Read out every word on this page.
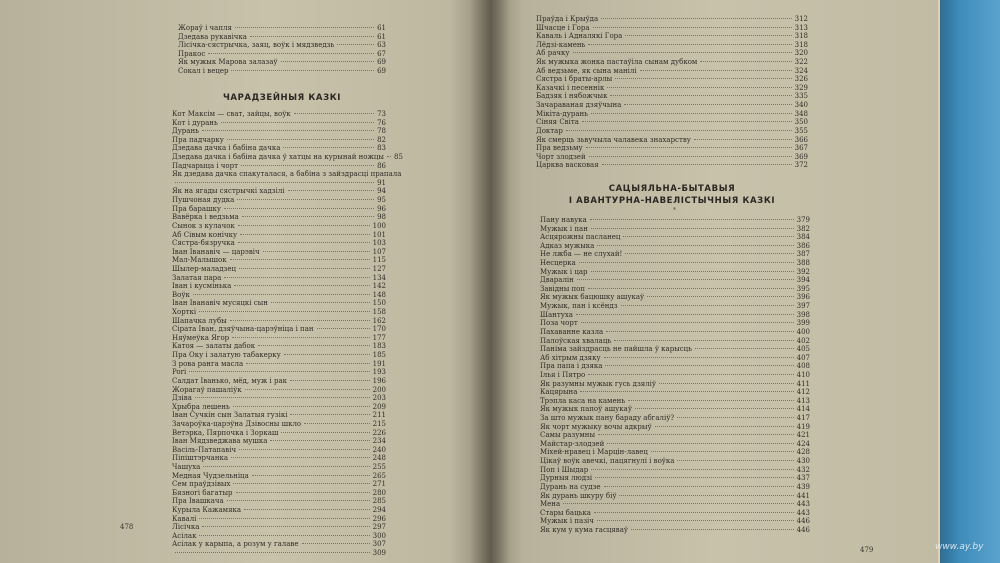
Жораў і чапля	61
Дзедава рукавічка	61
Лісічка-сястрычка, заяц, воўк і мядзведзь	63
Пракос	67
Як мужык Марова залазаў	69
Сокал і вецер	69
ЧАРАДЗЕЙНЫЯ КАЗКІ
Кот Максім — сват, зайцы, воўк	73
Кот і дурань	76
Дурань	78
Пра падчарку	82
Дзедава дачка і бабіна дачка	83
Дзедава дачка і бабіна дачка ў хатцы на курынай ножцы 85
Падчарыца і чорт	86
Як дзедава дачка спакуталася, а бабіна з зайздрасці прапала
91
Як на ягады сястрычкі хадзілі	94
Пушчоная дудка	95
Пра барашку	96
Вавёрка і ведзьма	98
Сынок з кулачок	100
Аб Сівым конічку	101
Сястра-бязручка	103
Іван Іванавіч — царэвіч	107
Мал-Малышок	115
Шылер-маладзец	127
Залатая пара	134
Іван і кусмінька	142
Воўк	148
Іван Іванавіч мусяцкі сын	150
Хорткі	158
Шапачка лубы	162
Сірата Іван, дзяўчына-царэўніца і пан	170
Няўмеўка Ягор	177
Катоя — залаты дабок	183
Пра Оку і залатую табакерку	185
З рова ранга масла	191
Pori	193
Салдат Іванько, мёд, муж і рак	196
Жорагаў пашаліўк	200
Дзіва	203
Хрыбра лешень	209
Іван Сучкін сын Залатыя гузікі	211
Зачароўка-царэўна Дзівосны шкло	215
Ветэрка, Пярпочка і Зоркаш	226
Іван Мядзведжава мушка	234
Васіль-Патапавіч	240
Піпіштэрчанка	248
Чашуха	255
Медная Чудзельніца	265
Сем праўдзівых	271
Бязногі багатыр	280
Пра Івашкача	285
Курыла Кажамяка	294
Кавалі	296
Лісічка	297
Асілак	300
Асілак у карыпа, а розум у галаве	307
309
478
Праўда і Крыўда	312
Шчасце і Гора	313
Каваль і Адналякі Гора	318
Лёдзі-камень	318
Аб рачку	320
Як мужыка жонка пастаўіла сынам дубком	322
Аб ведзьме, як сына манілі	324
Сястра і браты-арлы	326
Казачкі і песеннік	329
Бадзяк і нябожчык	335
Зачараваная дзяўчына	340
Мікіта-дурань	348
Сіняя Світа	350
Доктар	355
Як смерць зьвучыла чалавека знахарству	366
Пра ведзьму	367
Чорт злодзей	369
Царква васковая	372
САЦЫЯЛЬНА-БЫТАВЫЯ
І АВАНТУРНА-НАВЕЛІСТЫЧНЫЯ КАЗКІ
*
Пану навука	379
Мужык і пан	382
Асцярожны пасланец	384
Адказ мужыка	386
Не лжба — не слухай!	387
Несцерка	388
Мужык і цар	392
Дваралін	394
Завідны поп	395
Як мужык бацюшку ашукаў	396
Мужык, пан і ксёндз	397
Шантуха	398
Поза чорт	399
Пахаванне казла	400
Палоўская хвалаць	402
Паніма зайздрасць не пайшла ў карысць	405
Аб хітрым дзяку	407
Пра папа і дзяка	408
Ілья і Пятро	410
Як разумны мужык гусь дзяліў	411
Кацярына	412
Трэпла каса на камень	413
Як мужык папоў ашукаў	414
За што мужык пану бараду абгаліў?	417
Як чорт мужыку вочы адкрыў	419
Самы разумны	421
Майстар-злодзей	424
Міхей-нравец і Марцін-лавец	428
Цікаў воўк авечкі, пацягнулі і воўка	430
Поп і Шыдар	432
Дурныя людзі	437
Дурань на судзе	439
Як дурань шкуру біў	441
Мена	443
Стары бацька	443
Мужык і пазіч	446
Як кум у кума гасцяваў	446
479	www.ay.by
